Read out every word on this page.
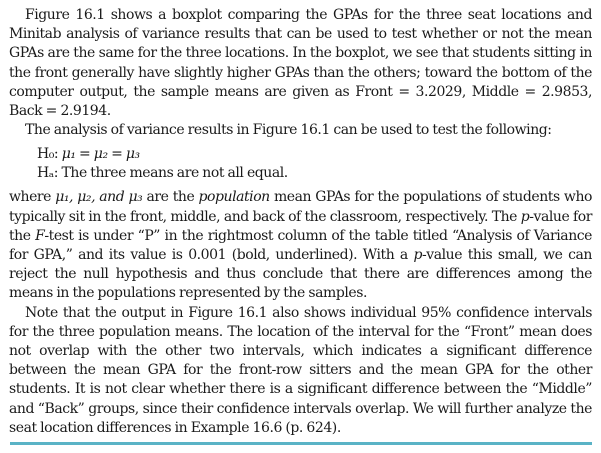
Figure 16.1 shows a boxplot comparing the GPAs for the three seat locations and Minitab analysis of variance results that can be used to test whether or not the mean GPAs are the same for the three locations. In the boxplot, we see that students sitting in the front generally have slightly higher GPAs than the others; toward the bottom of the computer output, the sample means are given as Front = 3.2029, Middle = 2.9853, Back = 2.9194.

The analysis of variance results in Figure 16.1 can be used to test the following:

H₀: μ₁ = μ₂ = μ₃
Hₐ: The three means are not all equal.

where μ₁, μ₂, and μ₃ are the population mean GPAs for the populations of students who typically sit in the front, middle, and back of the classroom, respectively. The p-value for the F-test is under “P” in the rightmost column of the table titled “Analysis of Variance for GPA,” and its value is 0.001 (bold, underlined). With a p-value this small, we can reject the null hypothesis and thus conclude that there are differences among the means in the populations represented by the samples.

Note that the output in Figure 16.1 also shows individual 95% confidence intervals for the three population means. The location of the interval for the “Front” mean does not overlap with the other two intervals, which indicates a significant difference between the mean GPA for the front-row sitters and the mean GPA for the other students. It is not clear whether there is a significant difference between the “Middle” and “Back” groups, since their confidence intervals overlap. We will further analyze the seat location differences in Example 16.6 (p. 624).
